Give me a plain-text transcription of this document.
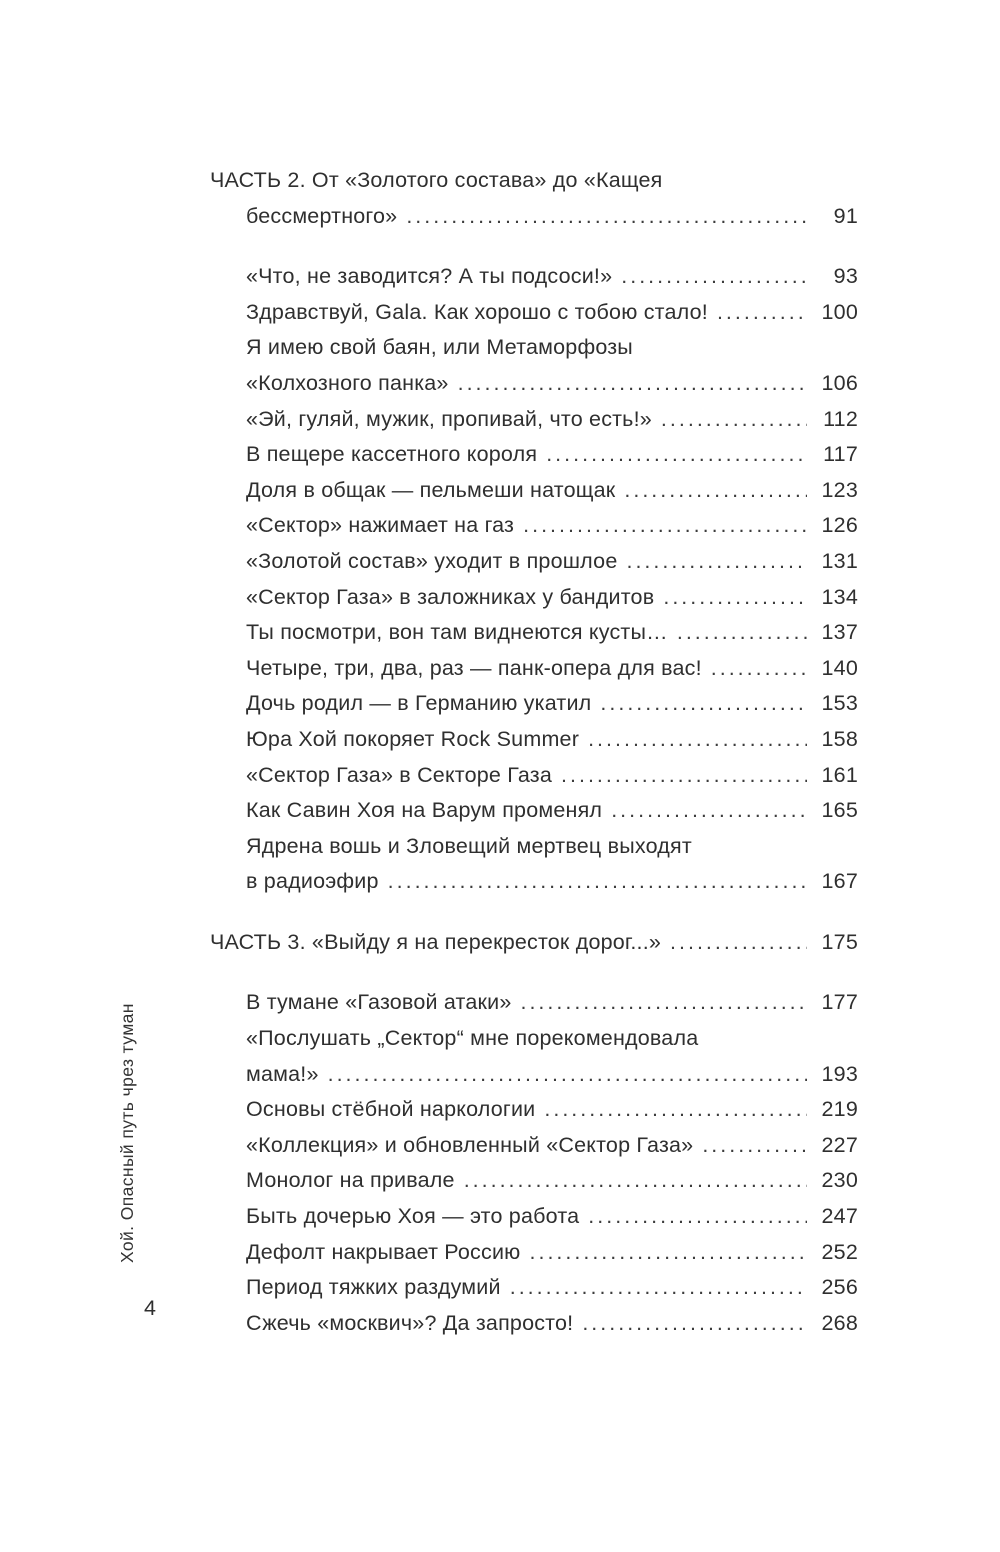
Хой. Опасный путь чрез туман
4
ЧАСТЬ 2. От «Золотого состава» до «Кащея
бессмертного» .....	91
«Что, не заводится? А ты подсоси!» .....	93
Здравствуй, Gala. Как хорошо с тобою стало! .....	100
Я имею свой баян, или Метаморфозы
«Колхозного панка» .....	106
«Эй, гуляй, мужик, пропивай, что есть!» .....	112
В пещере кассетного короля .....	117
Доля в общак — пельмеши натощак .....	123
«Сектор» нажимает на газ .....	126
«Золотой состав» уходит в прошлое .....	131
«Сектор Газа» в заложниках у бандитов .....	134
Ты посмотри, вон там виднеются кусты… .....	137
Четыре, три, два, раз — панк-опера для вас! .....	140
Дочь родил — в Германию укатил .....	153
Юра Хой покоряет Rock Summer .....	158
«Сектор Газа» в Секторе Газа .....	161
Как Савин Хоя на Варум променял .....	165
Ядрена вошь и Зловещий мертвец выходят
в радиоэфир .....	167
ЧАСТЬ 3. «Выйду я на перекресток дорог...» .....	175
В тумане «Газовой атаки» .....	177
«Послушать „Сектор“ мне порекомендовала
мама!» .....	193
Основы стёбной наркологии .....	219
«Коллекция» и обновленный «Сектор Газа» .....	227
Монолог на привале .....	230
Быть дочерью Хоя — это работа .....	247
Дефолт накрывает Россию .....	252
Период тяжких раздумий .....	256
Сжечь «москвич»? Да запросто! .....	268
